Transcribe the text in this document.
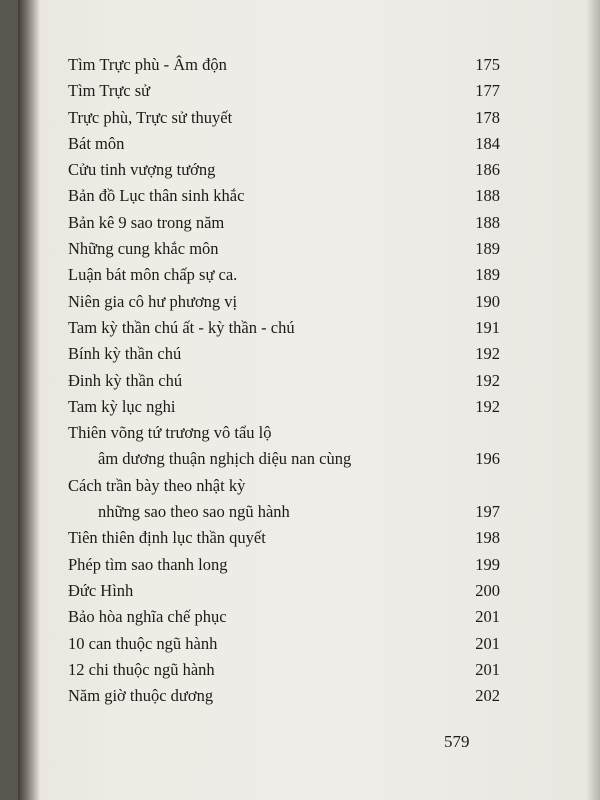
Tìm Trực phù - Âm độn	175
Tìm Trực sử	177
Trực phù, Trực sử thuyết	178
Bát môn	184
Cửu tinh vượng tướng	186
Bản đồ Lục thân sinh khắc	188
Bản kê 9 sao trong năm	188
Những cung khắc môn	189
Luận bát môn chấp sự ca.	189
Niên gia cô hư phương vị	190
Tam kỳ thần chú ất - kỳ thần - chú	191
Bính kỳ thần chú	192
Đinh kỳ thần chú	192
Tam kỳ lục nghi	192
Thiên võng tứ trương vô tẩu lộ
âm dương thuận nghịch diệu nan cùng	196
Cách trần bày theo nhật kỳ
những sao theo sao ngũ hành	197
Tiên thiên định lục thần quyết	198
Phép tìm sao thanh long	199
Đức Hình	200
Bảo hòa nghĩa chế phục	201
10 can thuộc ngũ hành	201
12 chi thuộc ngũ hành	201
Năm giờ thuộc dương	202
579
